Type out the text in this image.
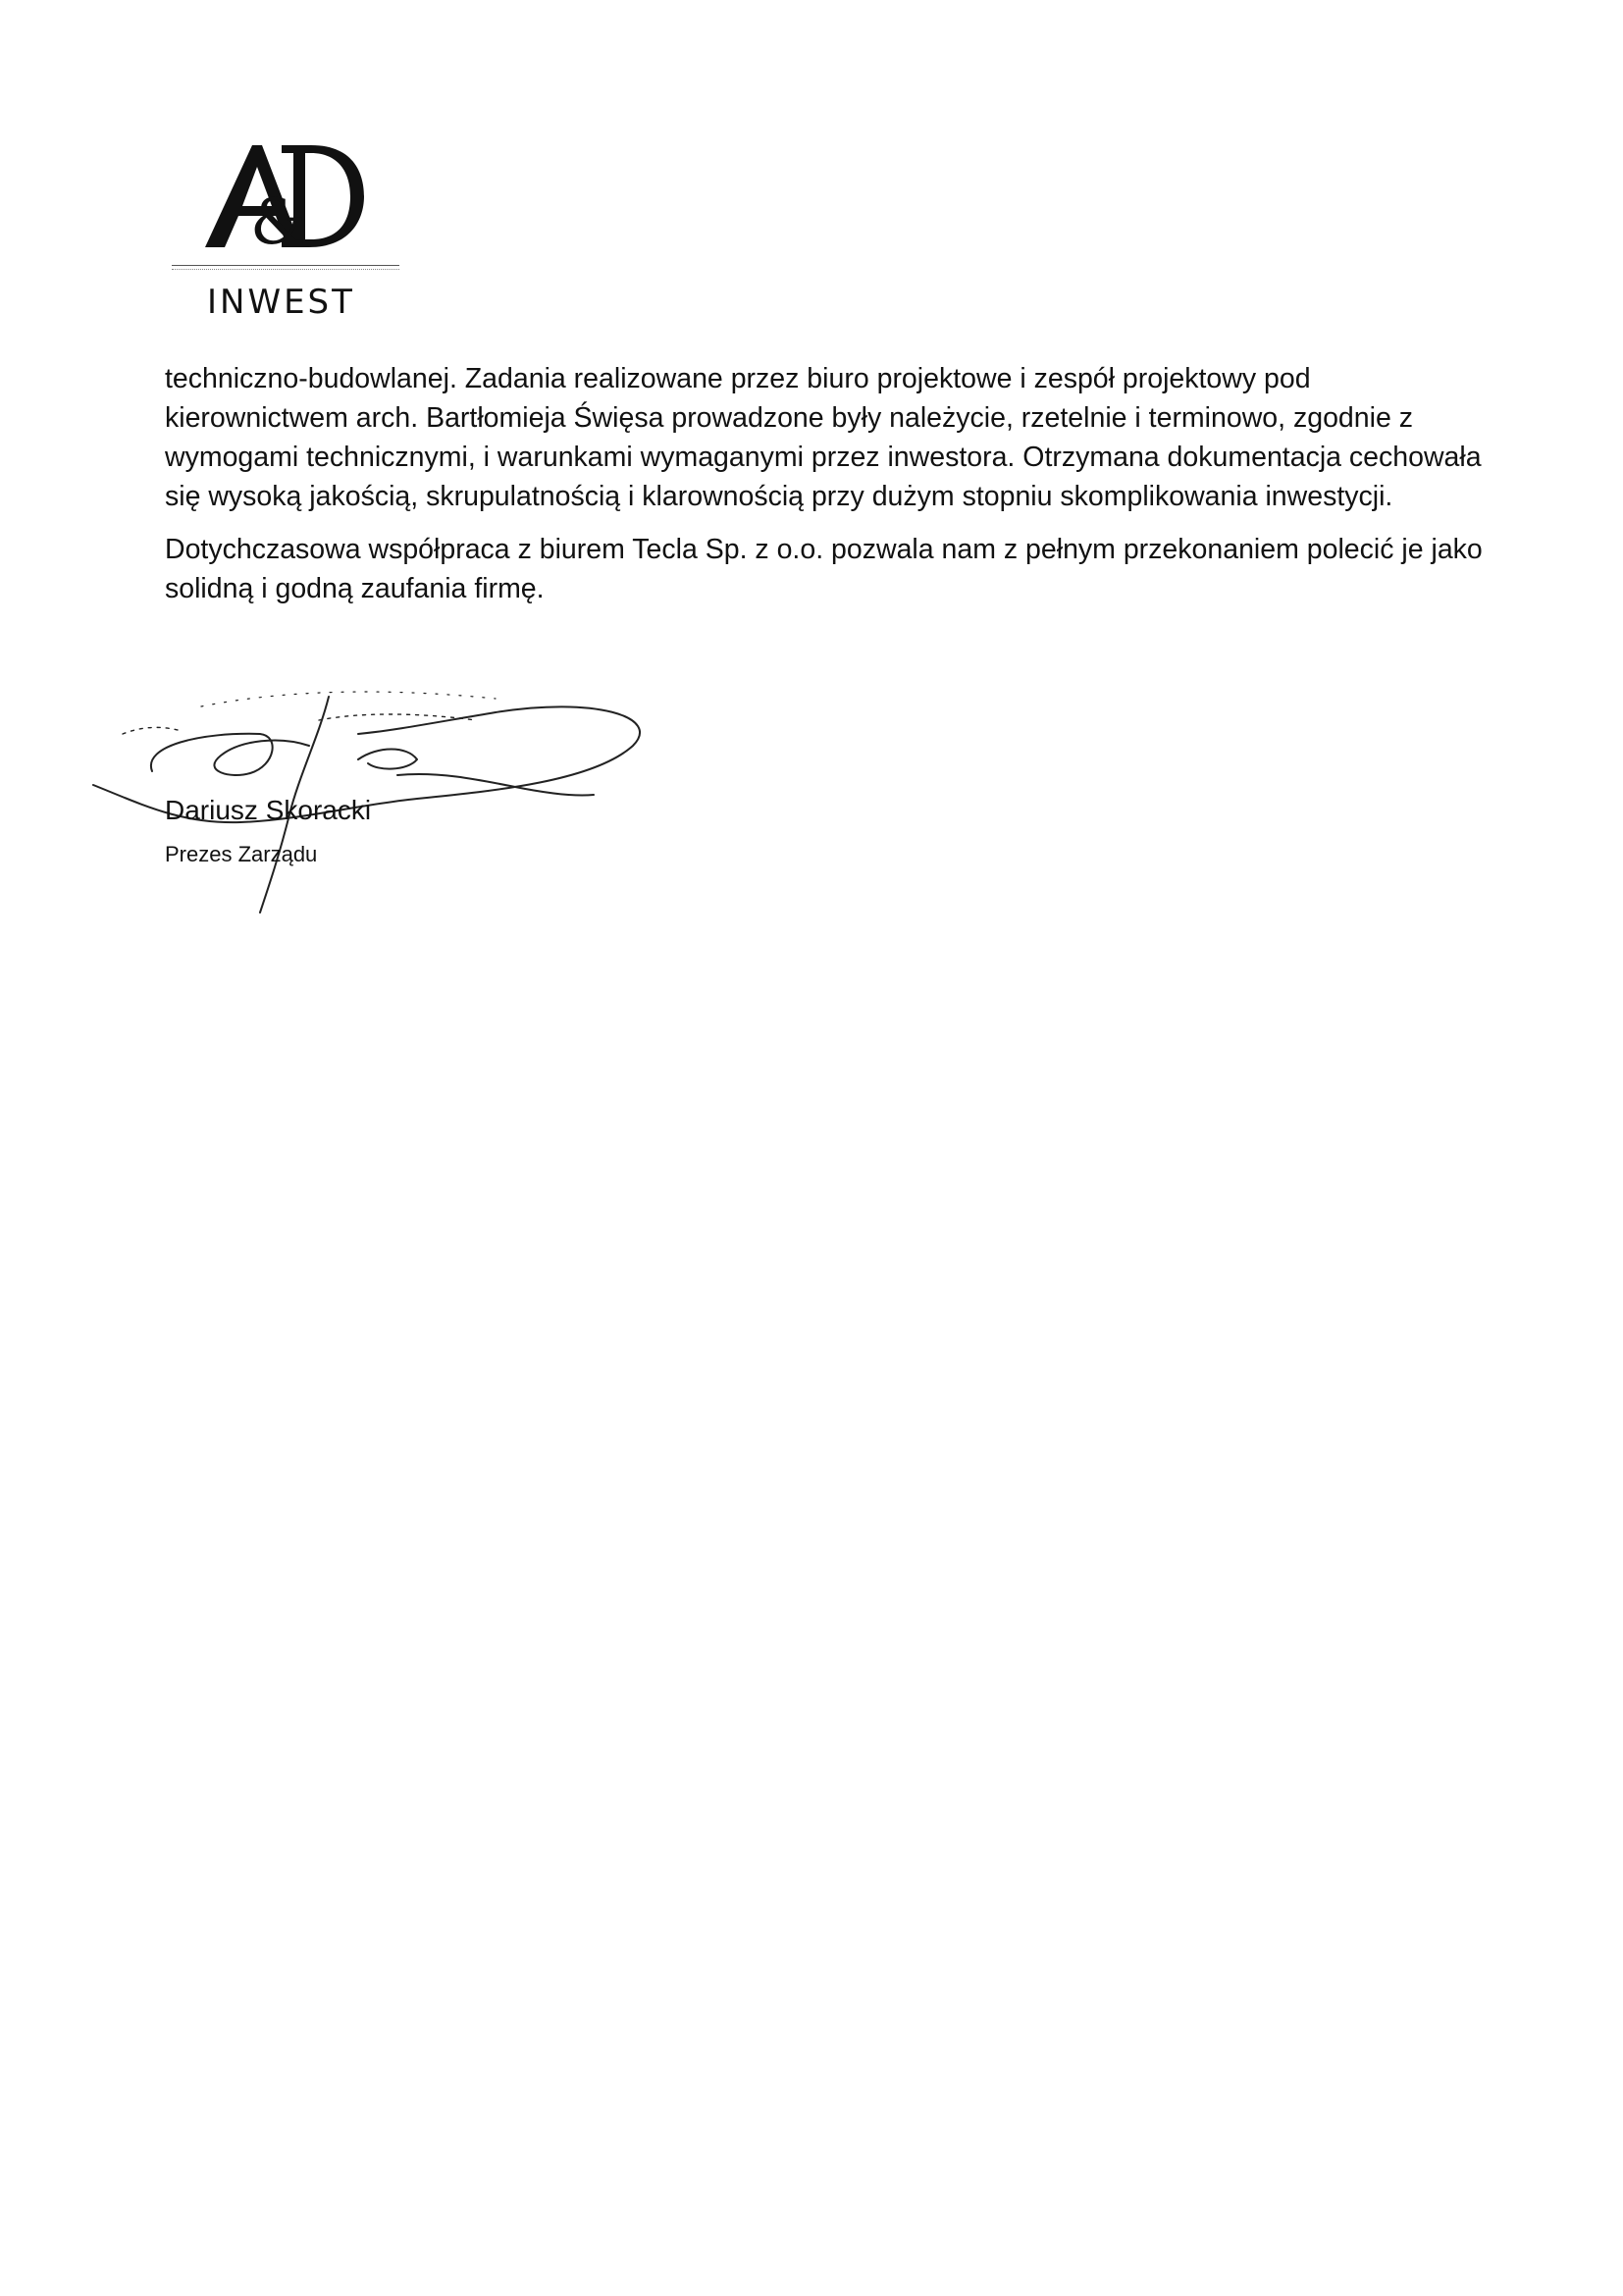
&
INWEST

techniczno-budowlanej. Zadania realizowane przez biuro projektowe i zespół projektowy pod kierownictwem arch. Bartłomieja Święsa prowadzone były należycie, rzetelnie i terminowo, zgodnie z wymogami technicznymi, i warunkami wymaganymi przez inwestora. Otrzymana dokumentacja cechowała się wysoką jakością, skrupulatnością i klarownością przy dużym stopniu skomplikowania inwestycji.

Dotychczasowa współpraca z biurem Tecla Sp. z o.o. pozwala nam z pełnym przekonaniem polecić je jako solidną i godną zaufania firmę.

Dariusz Skoracki
Prezes Zarządu
